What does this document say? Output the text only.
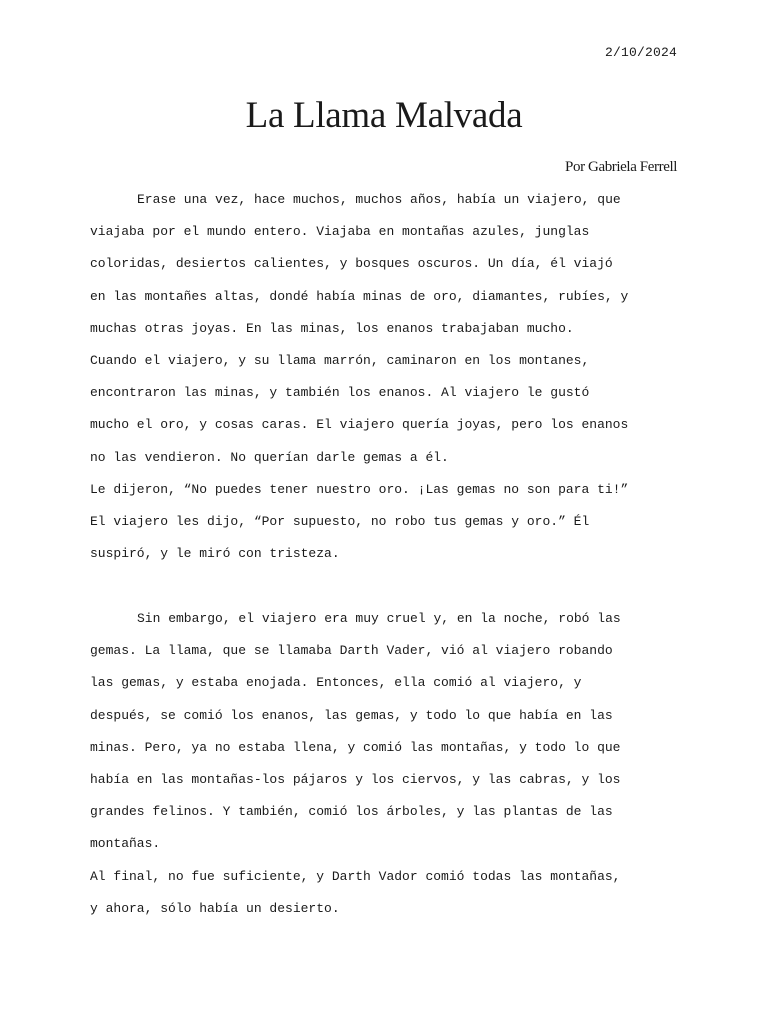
2/10/2024
La Llama Malvada
Por Gabriela Ferrell
Erase una vez, hace muchos, muchos años, había un viajero, que
viajaba por el mundo entero. Viajaba en montañas azules, junglas
coloridas, desiertos calientes, y bosques oscuros. Un día, él viajó
en las montañes altas, dondé había minas de oro, diamantes, rubíes, y
muchas otras joyas. En las minas, los enanos trabajaban mucho.
Cuando el viajero, y su llama marrón, caminaron en los montanes,
encontraron las minas, y también los enanos. Al viajero le gustó
mucho el oro, y cosas caras. El viajero quería joyas, pero los enanos
no las vendieron. No querían darle gemas a él.
Le dijeron, “No puedes tener nuestro oro. ¡Las gemas no son para ti!”
El viajero les dijo, “Por supuesto, no robo tus gemas y oro.” Él
suspiró, y le miró con tristeza.
Sin embargo, el viajero era muy cruel y, en la noche, robó las
gemas. La llama, que se llamaba Darth Vader, vió al viajero robando
las gemas, y estaba enojada. Entonces, ella comió al viajero, y
después, se comió los enanos, las gemas, y todo lo que había en las
minas. Pero, ya no estaba llena, y comió las montañas, y todo lo que
había en las montañas-los pájaros y los ciervos, y las cabras, y los
grandes felinos. Y también, comió los árboles, y las plantas de las
montañas.
Al final, no fue suficiente, y Darth Vador comió todas las montañas,
y ahora, sólo había un desierto.
